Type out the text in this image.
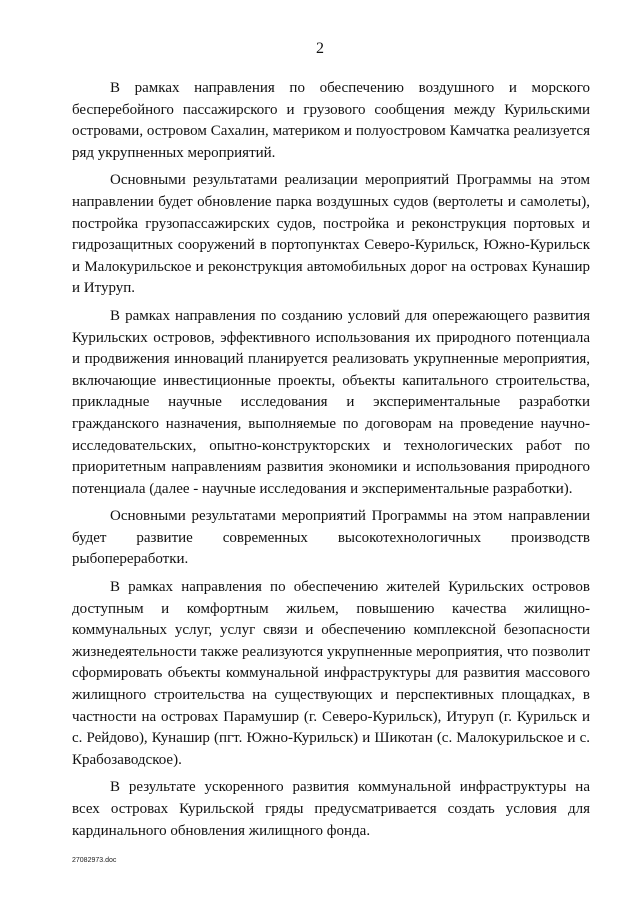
2

В рамках направления по обеспечению воздушного и морского бесперебойного пассажирского и грузового сообщения между Курильскими островами, островом Сахалин, материком и полуостровом Камчатка реализуется ряд укрупненных мероприятий.

Основными результатами реализации мероприятий Программы на этом направлении будет обновление парка воздушных судов (вертолеты и самолеты), постройка грузопассажирских судов, постройка и реконструкция портовых и гидрозащитных сооружений в портопунктах Северо-Курильск, Южно-Курильск и Малокурильское и реконструкция автомобильных дорог на островах Кунашир и Итуруп.

В рамках направления по созданию условий для опережающего развития Курильских островов, эффективного использования их природного потенциала и продвижения инноваций планируется реализовать укрупненные мероприятия, включающие инвестиционные проекты, объекты капитального строительства, прикладные научные исследования и экспериментальные разработки гражданского назначения, выполняемые по договорам на проведение научно-исследовательских, опытно-конструкторских и технологических работ по приоритетным направлениям развития экономики и использования природного потенциала (далее - научные исследования и экспериментальные разработки).

Основными результатами мероприятий Программы на этом направлении будет развитие современных высокотехнологичных производств рыбопереработки.

В рамках направления по обеспечению жителей Курильских островов доступным и комфортным жильем, повышению качества жилищно-коммунальных услуг, услуг связи и обеспечению комплексной безопасности жизнедеятельности также реализуются укрупненные мероприятия, что позволит сформировать объекты коммунальной инфраструктуры для развития массового жилищного строительства на существующих и перспективных площадках, в частности на островах Парамушир (г. Северо-Курильск), Итуруп (г. Курильск и с. Рейдово), Кунашир (пгт. Южно-Курильск) и Шикотан (с. Малокурильское и с. Крабозаводское).

В результате ускоренного развития коммунальной инфраструктуры на всех островах Курильской гряды предусматривается создать условия для кардинального обновления жилищного фонда.

27082973.doc
